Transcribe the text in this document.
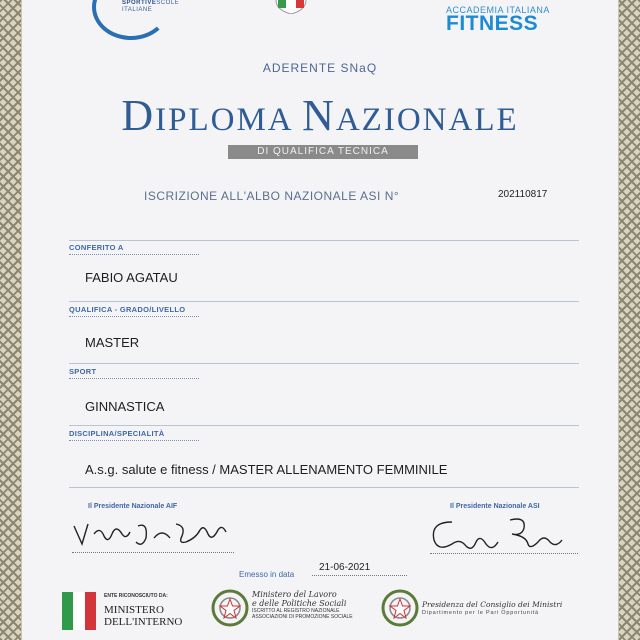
SPORTIVESCOLE
ITALIANE	ACCADEMIA ITALIANA
FITNESS
ADERENTE SNaQ
DIPLOMA NAZIONALE
DI QUALIFICA TECNICA
ISCRIZIONE ALL'ALBO NAZIONALE ASI N°	202110817
CONFERITO A
FABIO AGATAU
QUALIFICA - GRADO/LIVELLO
MASTER
SPORT
GINNASTICA
DISCIPLINA/SPECIALITÀ
A.s.g. salute e fitness / MASTER ALLENAMENTO FEMMINILE
Il Presidente Nazionale AIF	Il Presidente Nazionale ASI
Emesso in data
21-06-2021
ENTE RICONOSCIUTO DA:
MINISTERO
DELL'INTERNO
Ministero del Lavoro
e delle Politiche Sociali
ISCRITTO AL REGISTRO NAZIONALE
ASSOCIAZIONI DI PROMOZIONE SOCIALE
Presidenza del Consiglio dei Ministri
Dipartimento per le Pari Opportunità
